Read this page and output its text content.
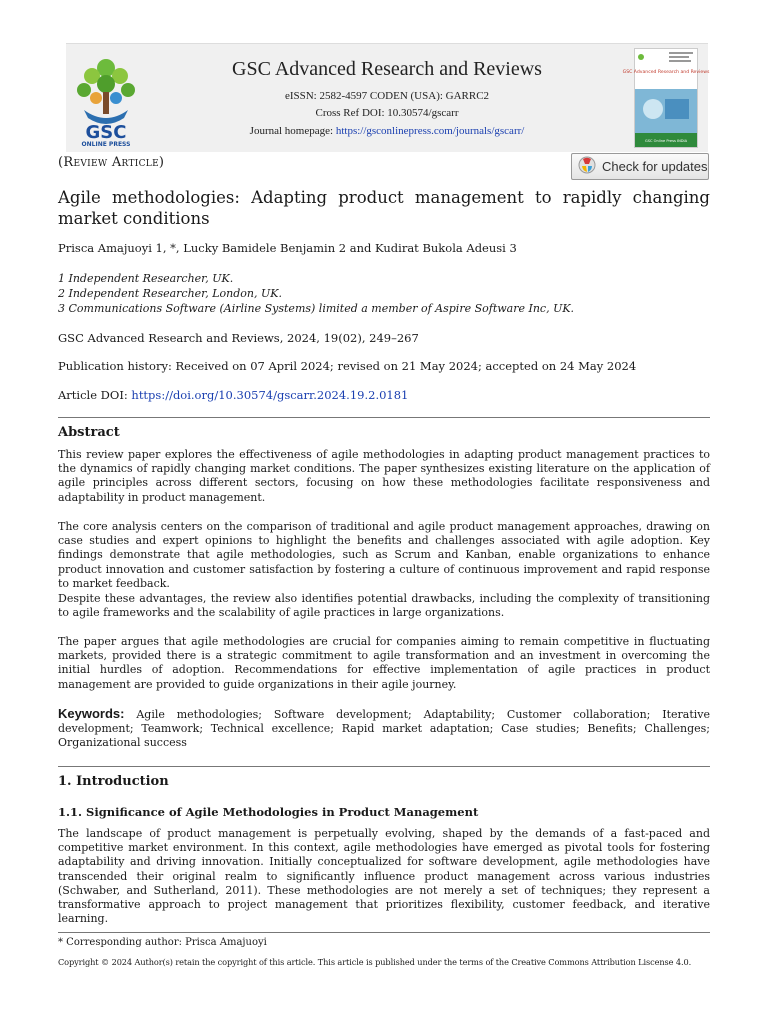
GSC
ONLINE PRESS
GSC Advanced Research and Reviews
eISSN: 2582-4597 CODEN (USA): GARRC2
Cross Ref DOI: 10.30574/gscarr
Journal homepage: https://gsconlinepress.com/journals/gscarr/
GSC Advanced Research and Reviews
GSC Online Press INDIA
(Review Article)	Check for updates
Agile methodologies: Adapting product management to rapidly changing market conditions
Prisca Amajuoyi 1, *, Lucky Bamidele Benjamin 2 and Kudirat Bukola Adeusi 3
1 Independent Researcher, UK.
2 Independent Researcher, London, UK.
3 Communications Software (Airline Systems) limited a member of Aspire Software Inc, UK.
GSC Advanced Research and Reviews, 2024, 19(02), 249–267
Publication history: Received on 07 April 2024; revised on 21 May 2024; accepted on 24 May 2024
Article DOI: https://doi.org/10.30574/gscarr.2024.19.2.0181
Abstract
This review paper explores the effectiveness of agile methodologies in adapting product management practices to the dynamics of rapidly changing market conditions. The paper synthesizes existing literature on the application of agile principles across different sectors, focusing on how these methodologies facilitate responsiveness and adaptability in product management.
The core analysis centers on the comparison of traditional and agile product management approaches, drawing on case studies and expert opinions to highlight the benefits and challenges associated with agile adoption. Key findings demonstrate that agile methodologies, such as Scrum and Kanban, enable organizations to enhance product innovation and customer satisfaction by fostering a culture of continuous improvement and rapid response to market feedback.
Despite these advantages, the review also identifies potential drawbacks, including the complexity of transitioning to agile frameworks and the scalability of agile practices in large organizations.
The paper argues that agile methodologies are crucial for companies aiming to remain competitive in fluctuating markets, provided there is a strategic commitment to agile transformation and an investment in overcoming the initial hurdles of adoption. Recommendations for effective implementation of agile practices in product management are provided to guide organizations in their agile journey.
Keywords: Agile methodologies; Software development; Adaptability; Customer collaboration; Iterative development; Teamwork; Technical excellence; Rapid market adaptation; Case studies; Benefits; Challenges; Organizational success
1. Introduction
1.1. Significance of Agile Methodologies in Product Management
The landscape of product management is perpetually evolving, shaped by the demands of a fast-paced and competitive market environment. In this context, agile methodologies have emerged as pivotal tools for fostering adaptability and driving innovation. Initially conceptualized for software development, agile methodologies have transcended their original realm to significantly influence product management across various industries (Schwaber, and Sutherland, 2011). These methodologies are not merely a set of techniques; they represent a transformative approach to project management that prioritizes flexibility, customer feedback, and iterative learning.
* Corresponding author: Prisca Amajuoyi
Copyright © 2024 Author(s) retain the copyright of this article. This article is published under the terms of the Creative Commons Attribution Liscense 4.0.
